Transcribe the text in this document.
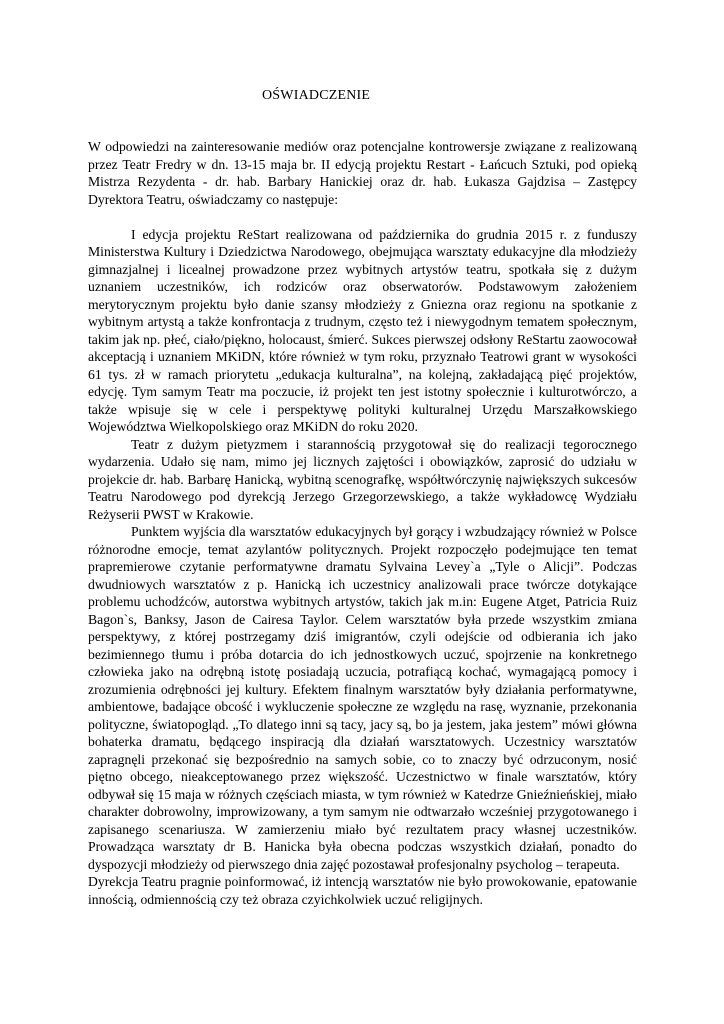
OŚWIADCZENIE

W odpowiedzi na zainteresowanie mediów oraz potencjalne kontrowersje związane z realizowaną przez Teatr Fredry w dn. 13-15 maja br. II edycją projektu Restart - Łańcuch Sztuki, pod opieką Mistrza Rezydenta - dr. hab. Barbary Hanickiej oraz dr. hab. Łukasza Gajdzisa – Zastępcy Dyrektora Teatru, oświadczamy co następuje:

I edycja projektu ReStart realizowana od października do grudnia 2015 r. z funduszy Ministerstwa Kultury i Dziedzictwa Narodowego, obejmująca warsztaty edukacyjne dla młodzieży gimnazjalnej i licealnej prowadzone przez wybitnych artystów teatru, spotkała się z dużym uznaniem uczestników, ich rodziców oraz obserwatorów. Podstawowym założeniem merytorycznym projektu było danie szansy młodzieży z Gniezna oraz regionu na spotkanie z wybitnym artystą a także konfrontacja z trudnym, często też i niewygodnym tematem społecznym, takim jak np. płeć, ciało/piękno, holocaust, śmierć. Sukces pierwszej odsłony ReStartu zaowocował akceptacją i uznaniem MKiDN, które również w tym roku, przyznało Teatrowi grant w wysokości 61 tys. zł w ramach priorytetu „edukacja kulturalna”, na kolejną, zakładającą pięć projektów, edycję. Tym samym Teatr ma poczucie, iż projekt ten jest istotny społecznie i kulturotwórczo, a także wpisuje się w cele i perspektywę polityki kulturalnej Urzędu Marszałkowskiego Województwa Wielkopolskiego oraz MKiDN do roku 2020.

Teatr z dużym pietyzmem i starannością przygotował się do realizacji tegorocznego wydarzenia. Udało się nam, mimo jej licznych zajętości i obowiązków, zaprosić do udziału w projekcie dr. hab. Barbarę Hanicką, wybitną scenografkę, współtwórczynię największych sukcesów Teatru Narodowego pod dyrekcją Jerzego Grzegorzewskiego, a także wykładowcę Wydziału Reżyserii PWST w Krakowie.

Punktem wyjścia dla warsztatów edukacyjnych był gorący i wzbudzający również w Polsce różnorodne emocje, temat azylantów politycznych. Projekt rozpoczęło podejmujące ten temat prapremierowe czytanie performatywne dramatu Sylvaina Levey`a „Tyle o Alicji”. Podczas dwudniowych warsztatów z p. Hanicką ich uczestnicy analizowali prace twórcze dotykające problemu uchodźców, autorstwa wybitnych artystów, takich jak m.in: Eugene Atget, Patricia Ruiz Bagon`s, Banksy, Jason de Cairesa Taylor. Celem warsztatów była przede wszystkim zmiana perspektywy, z której postrzegamy dziś imigrantów, czyli odejście od odbierania ich jako bezimiennego tłumu i próba dotarcia do ich jednostkowych uczuć, spojrzenie na konkretnego człowieka jako na odrębną istotę posiadają uczucia, potrafiącą kochać, wymagającą pomocy i zrozumienia odrębności jej kultury. Efektem finalnym warsztatów były działania performatywne, ambientowe, badające obcość i wykluczenie społeczne ze względu na rasę, wyznanie, przekonania polityczne, światopogląd. „To dlatego inni są tacy, jacy są, bo ja jestem, jaka jestem” mówi główna bohaterka dramatu, będącego inspiracją dla działań warsztatowych. Uczestnicy warsztatów zapragnęli przekonać się bezpośrednio na samych sobie, co to znaczy być odrzuconym, nosić piętno obcego, nieakceptowanego przez większość. Uczestnictwo w finale warsztatów, który odbywał się 15 maja w różnych częściach miasta, w tym również w Katedrze Gnieźnieńskiej, miało charakter dobrowolny, improwizowany, a tym samym nie odtwarzało wcześniej przygotowanego i zapisanego scenariusza. W zamierzeniu miało być rezultatem pracy własnej uczestników. Prowadząca warsztaty dr B. Hanicka była obecna podczas wszystkich działań, ponadto do dyspozycji młodzieży od pierwszego dnia zajęć pozostawał profesjonalny psycholog – terapeuta.

Dyrekcja Teatru pragnie poinformować, iż intencją warsztatów nie było prowokowanie, epatowanie innością, odmiennością czy też obraza czyichkolwiek uczuć religijnych.
